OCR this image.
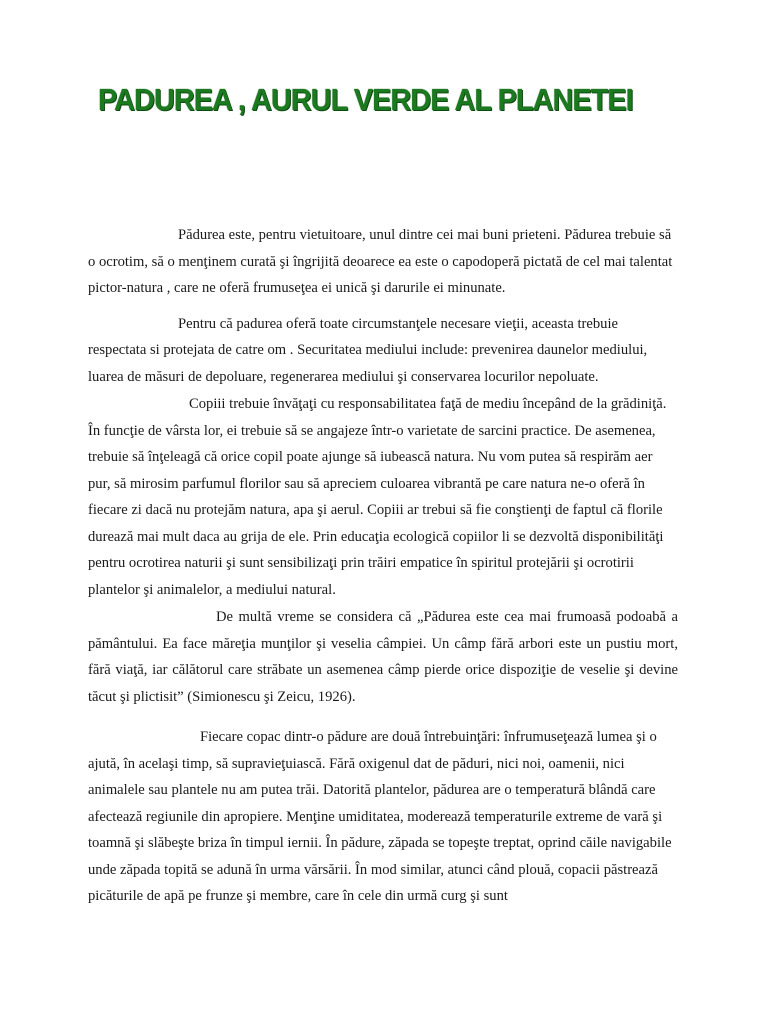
PADUREA , AURUL VERDE AL PLANETEI

Pădurea este, pentru vietuitoare, unul dintre cei mai buni prieteni. Pădurea trebuie să o ocrotim, să o menţinem curată şi îngrijită deoarece ea este o capodoperă pictată de cel mai talentat pictor-natura , care ne oferă frumuseţea ei unică şi darurile ei minunate.

Pentru că padurea oferă toate circumstanţele necesare vieţii, aceasta trebuie respectata si protejata de catre om . Securitatea mediului include: prevenirea daunelor mediului, luarea de măsuri de depoluare, regenerarea mediului şi conservarea locurilor nepoluate.

Copiii trebuie învăţaţi cu responsabilitatea faţă de mediu începând de la grădiniţă. În funcţie de vârsta lor, ei trebuie să se angajeze într-o varietate de sarcini practice. De asemenea, trebuie să înţeleagă că orice copil poate ajunge să iubească natura. Nu vom putea să respirăm aer pur, să mirosim parfumul florilor sau să apreciem culoarea vibrantă pe care natura ne-o oferă în fiecare zi dacă nu protejăm natura, apa şi aerul. Copiii ar trebui să fie conştienţi de faptul că florile durează mai mult daca au grija de ele. Prin educaţia ecologică copiilor li se dezvoltă disponibilităţi pentru ocrotirea naturii şi sunt sensibilizaţi prin trăiri empatice în spiritul protejării şi ocrotirii plantelor şi animalelor, a mediului natural.

De multă vreme se considera că „Pădurea este cea mai frumoasă podoabă a pământului. Ea face măreţia munţilor şi veselia câmpiei. Un câmp fără arbori este un pustiu mort, fără viaţă, iar călătorul care străbate un asemenea câmp pierde orice dispoziţie de veselie şi devine tăcut şi plictisit” (Simionescu şi Zeicu, 1926).

Fiecare copac dintr-o pădure are două întrebuinţări: înfrumuseţează lumea şi o ajută, în acelaşi timp, să supravieţuiască. Fără oxigenul dat de păduri, nici noi, oamenii, nici animalele sau plantele nu am putea trăi. Datorită plantelor, pădurea are o temperatură blândă care afectează regiunile din apropiere. Menţine umiditatea, moderează temperaturile extreme de vară şi toamnă şi slăbeşte briza în timpul iernii. În pădure, zăpada se topeşte treptat, oprind căile navigabile unde zăpada topită se adună în urma vărsării. În mod similar, atunci când plouă, copacii păstrează picăturile de apă pe frunze şi membre, care în cele din urmă curg şi sunt
